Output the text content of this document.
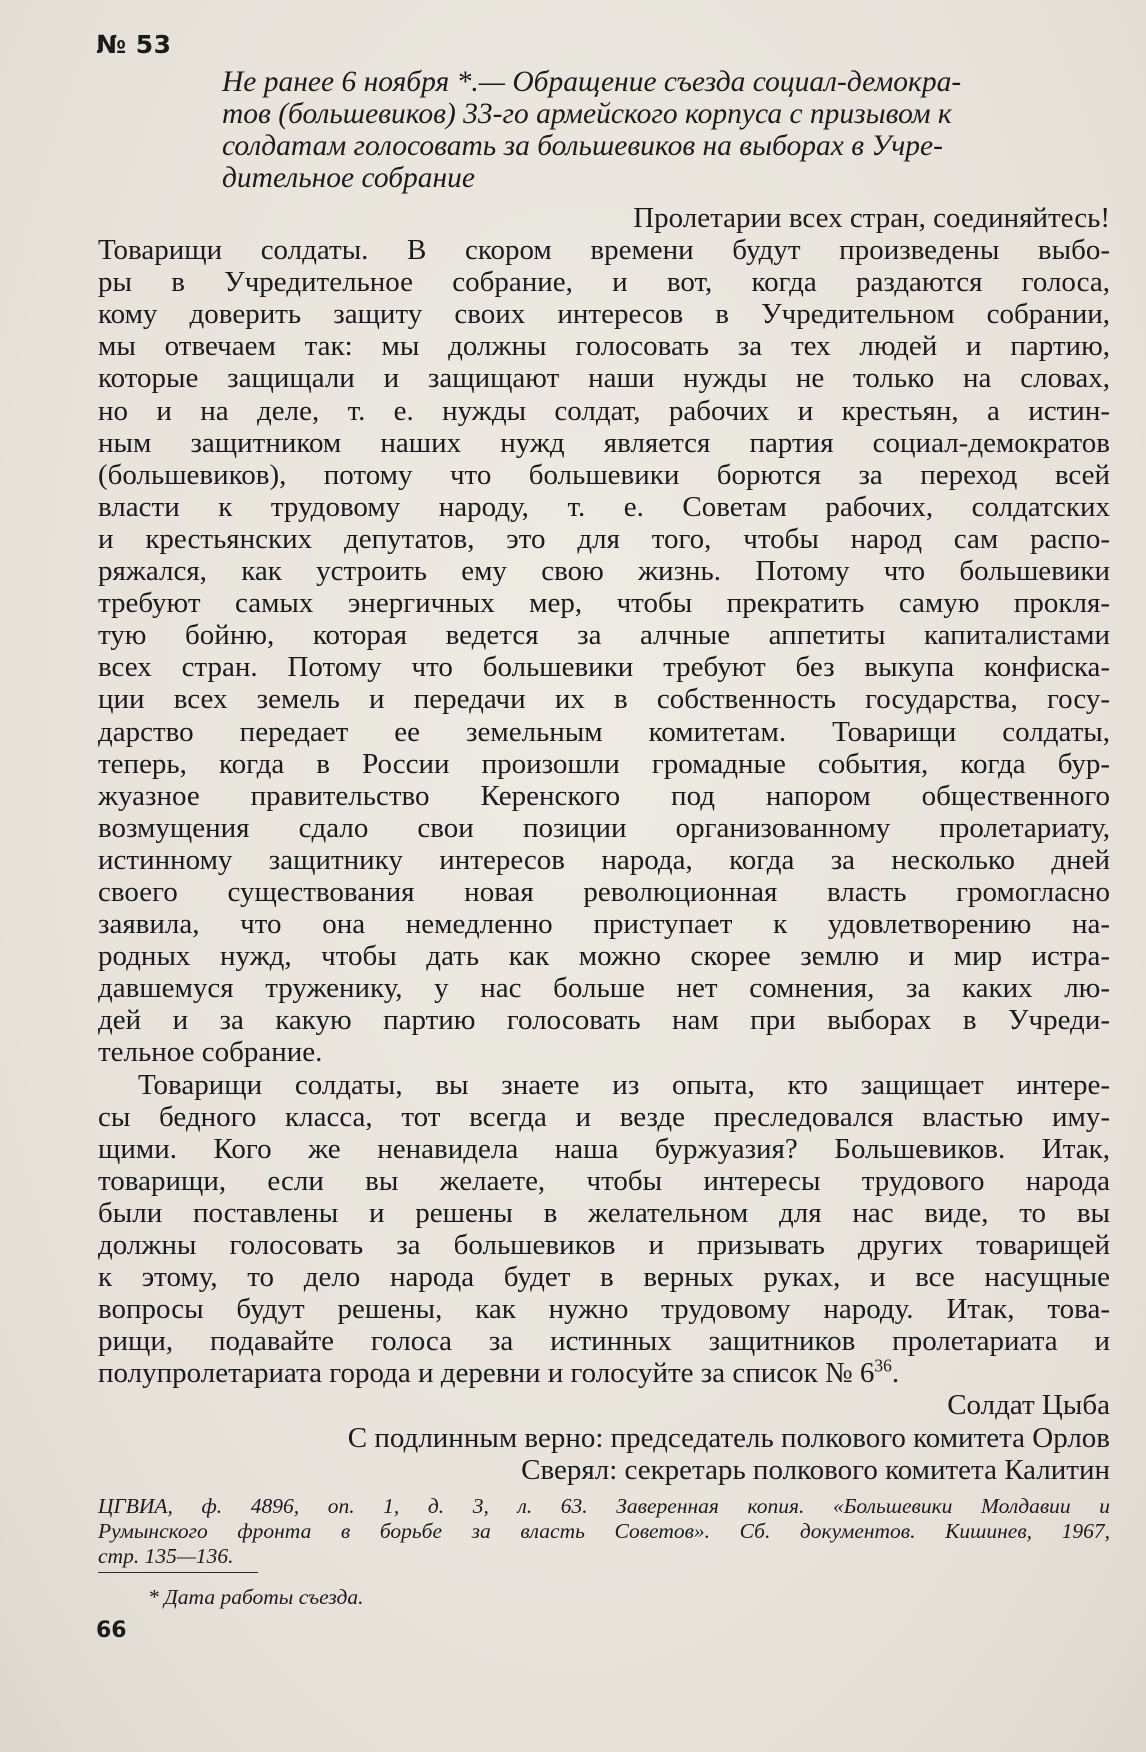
№ 53
Не ранее 6 ноября *.— Обращение съезда социал-демокра-
тов (большевиков) 33-го армейского корпуса с призывом к
солдатам голосовать за большевиков на выборах в Учре-
дительное собрание
Пролетарии всех стран, соединяйтесь!
Товарищи солдаты. В скором времени будут произведены выбо-
ры в Учредительное собрание, и вот, когда раздаются голоса,
кому доверить защиту своих интересов в Учредительном собрании,
мы отвечаем так: мы должны голосовать за тех людей и партию,
которые защищали и защищают наши нужды не только на словах,
но и на деле, т. е. нужды солдат, рабочих и крестьян, а истин-
ным защитником наших нужд является партия социал-демократов
(большевиков), потому что большевики борются за переход всей
власти к трудовому народу, т. е. Советам рабочих, солдатских
и крестьянских депутатов, это для того, чтобы народ сам распо-
ряжался, как устроить ему свою жизнь. Потому что большевики
требуют самых энергичных мер, чтобы прекратить самую прокля-
тую бойню, которая ведется за алчные аппетиты капиталистами
всех стран. Потому что большевики требуют без выкупа конфиска-
ции всех земель и передачи их в собственность государства, госу-
дарство передает ее земельным комитетам. Товарищи солдаты,
теперь, когда в России произошли громадные события, когда бур-
жуазное правительство Керенского под напором общественного
возмущения сдало свои позиции организованному пролетариату,
истинному защитнику интересов народа, когда за несколько дней
своего существования новая революционная власть громогласно
заявила, что она немедленно приступает к удовлетворению на-
родных нужд, чтобы дать как можно скорее землю и мир истра-
давшемуся труженику, у нас больше нет сомнения, за каких лю-
дей и за какую партию голосовать нам при выборах в Учреди-
тельное собрание.
Товарищи солдаты, вы знаете из опыта, кто защищает интере-
сы бедного класса, тот всегда и везде преследовался властью иму-
щими. Кого же ненавидела наша буржуазия? Большевиков. Итак,
товарищи, если вы желаете, чтобы интересы трудового народа
были поставлены и решены в желательном для нас виде, то вы
должны голосовать за большевиков и призывать других товарищей
к этому, то дело народа будет в верных руках, и все насущные
вопросы будут решены, как нужно трудовому народу. Итак, това-
рищи, подавайте голоса за истинных защитников пролетариата и
полупролетариата города и деревни и голосуйте за список № $6^{36}$.
Солдат Цыба
С подлинным верно: председатель полкового комитета Орлов
Сверял: секретарь полкового комитета Калитин
ЦГВИА, ф. 4896, оп. 1, д. 3, л. 63. Заверенная копия. «Большевики Молдавии и
Румынского фронта в борьбе за власть Советов». Сб. документов. Кишинев, 1967,
стр. 135—136.
* Дата работы съезда.
66
